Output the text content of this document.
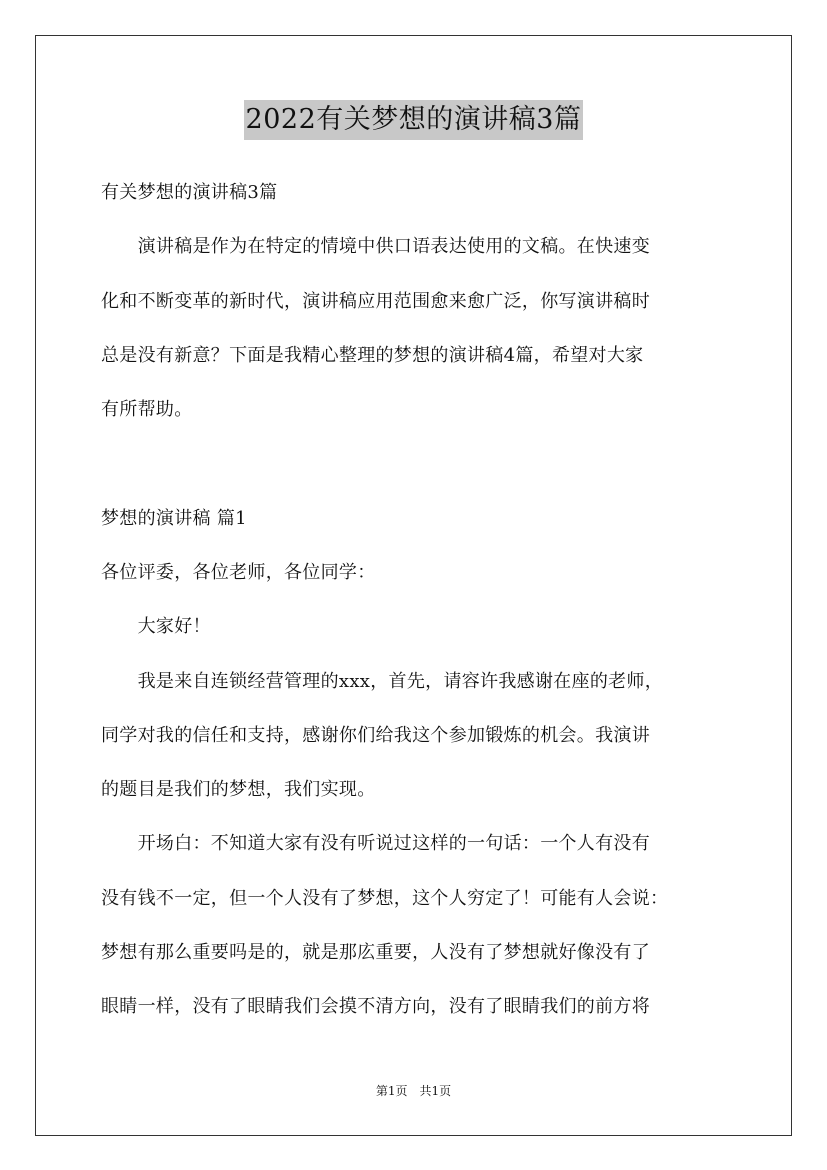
2022有关梦想的演讲稿3篇
有关梦想的演讲稿3篇
　　演讲稿是作为在特定的情境中供口语表达使用的文稿。在快速变
化和不断变革的新时代，演讲稿应用范围愈来愈广泛，你写演讲稿时
总是没有新意？下面是我精心整理的梦想的演讲稿4篇，希望对大家
有所帮助。
梦想的演讲稿 篇1
各位评委，各位老师，各位同学：
　　大家好！
　　我是来自连锁经营管理的xxx，首先，请容许我感谢在座的老师，
同学对我的信任和支持，感谢你们给我这个参加锻炼的机会。我演讲
的题目是我们的梦想，我们实现。
　　开场白：不知道大家有没有听说过这样的一句话：一个人有没有
没有钱不一定，但一个人没有了梦想，这个人穷定了！可能有人会说：
梦想有那么重要吗是的，就是那庅重要，人没有了梦想就好像没有了
眼睛一样，没有了眼睛我们会摸不清方向，没有了眼睛我们的前方将
第1页　共1页
